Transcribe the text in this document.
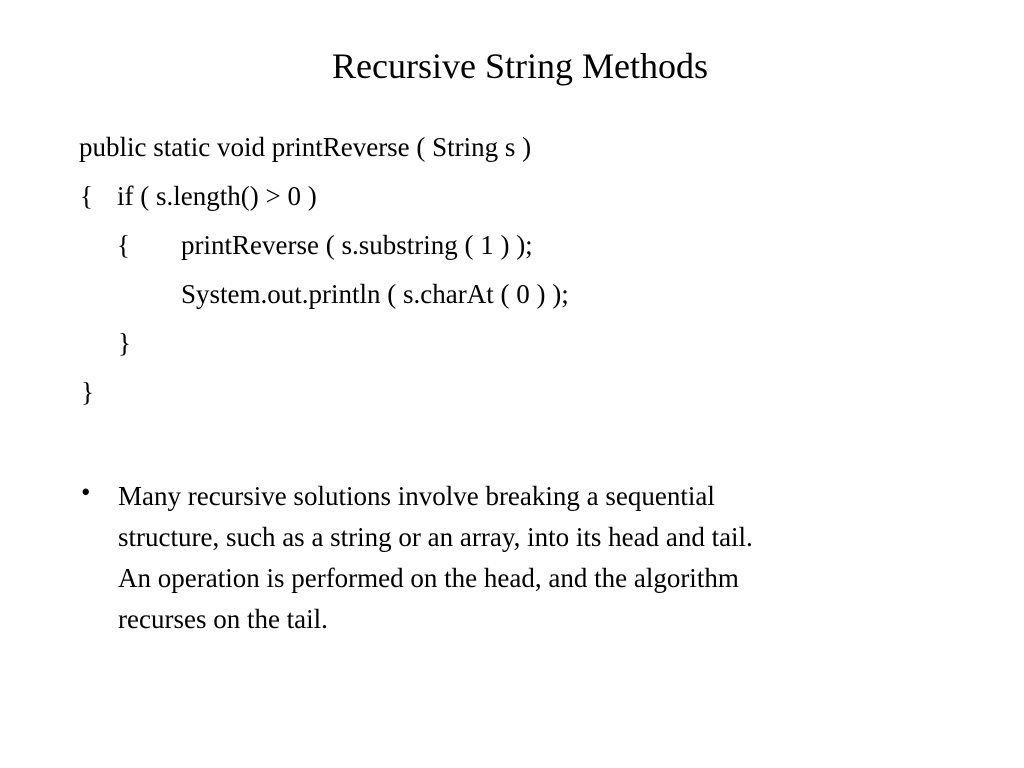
Recursive String Methods
public static void printReverse ( String s )
{ if ( s.length() > 0 )
{ printReverse ( s.substring ( 1 ) );
System.out.println ( s.charAt ( 0 ) );
}
}
• Many recursive solutions involve breaking a sequential
structure, such as a string or an array, into its head and tail.
An operation is performed on the head, and the algorithm
recurses on the tail.
